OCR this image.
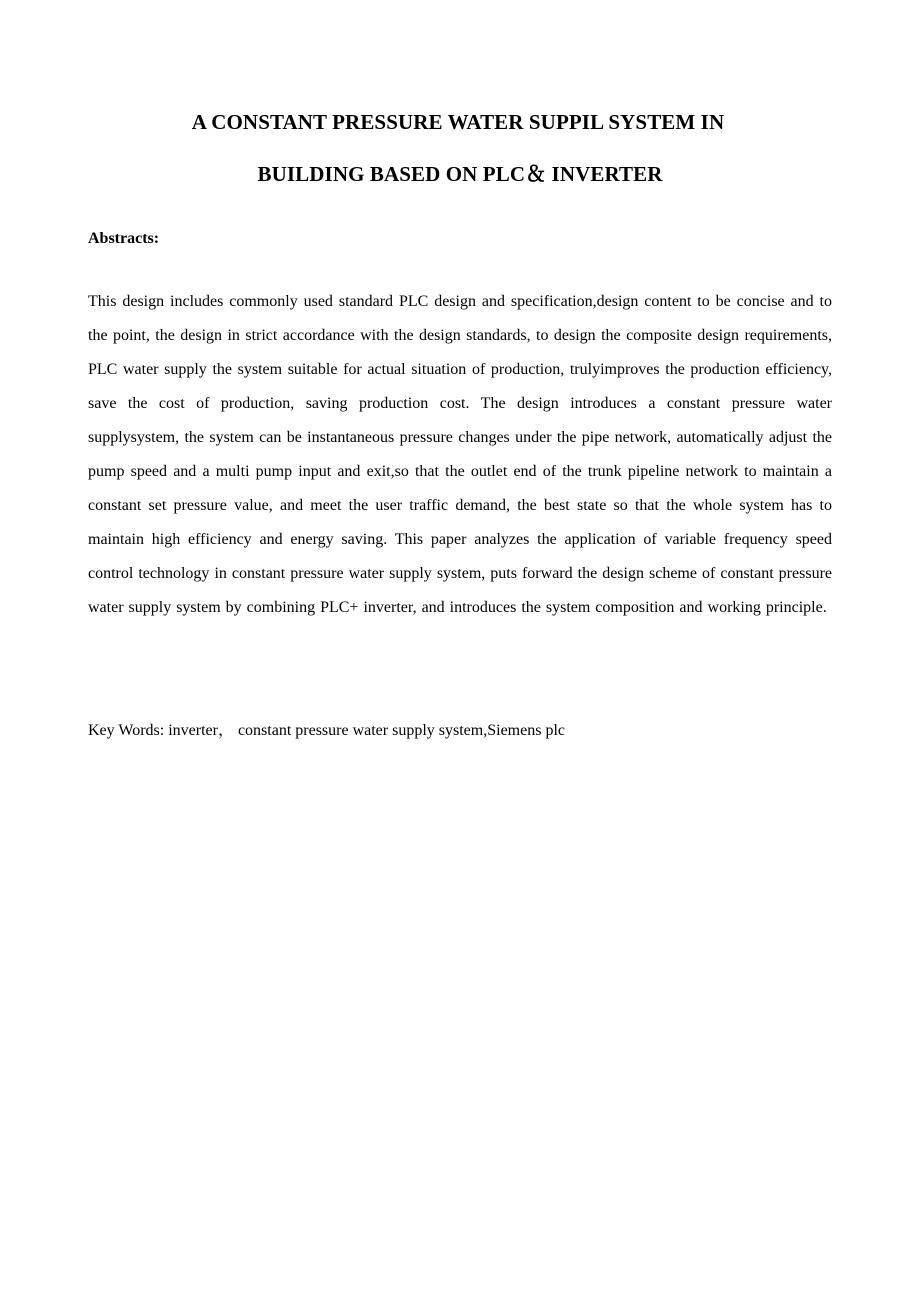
A CONSTANT PRESSURE WATER SUPPIL SYSTEM IN
BUILDING BASED ON PLC＆ INVERTER
Abstracts:

This design includes commonly used standard PLC design and specification,design content to be concise and to the point, the design in strict accordance with the design standards, to design the composite design requirements, PLC water supply the system suitable for actual situation of production, trulyimproves the production efficiency, save the cost of production, saving production cost. The design introduces a constant pressure water supplysystem, the system can be instantaneous pressure changes under the pipe network, automatically adjust the pump speed and a multi pump input and exit,so that the outlet end of the trunk pipeline network to maintain a constant set pressure value, and meet the user traffic demand, the best state so that the whole system has to maintain high efficiency and energy saving. This paper analyzes the application of variable frequency speed control technology in constant pressure water supply system, puts forward the design scheme of constant pressure water supply system by combining PLC+ inverter, and introduces the system composition and working principle.

Key Words: inverter， constant pressure water supply system,Siemens plc
